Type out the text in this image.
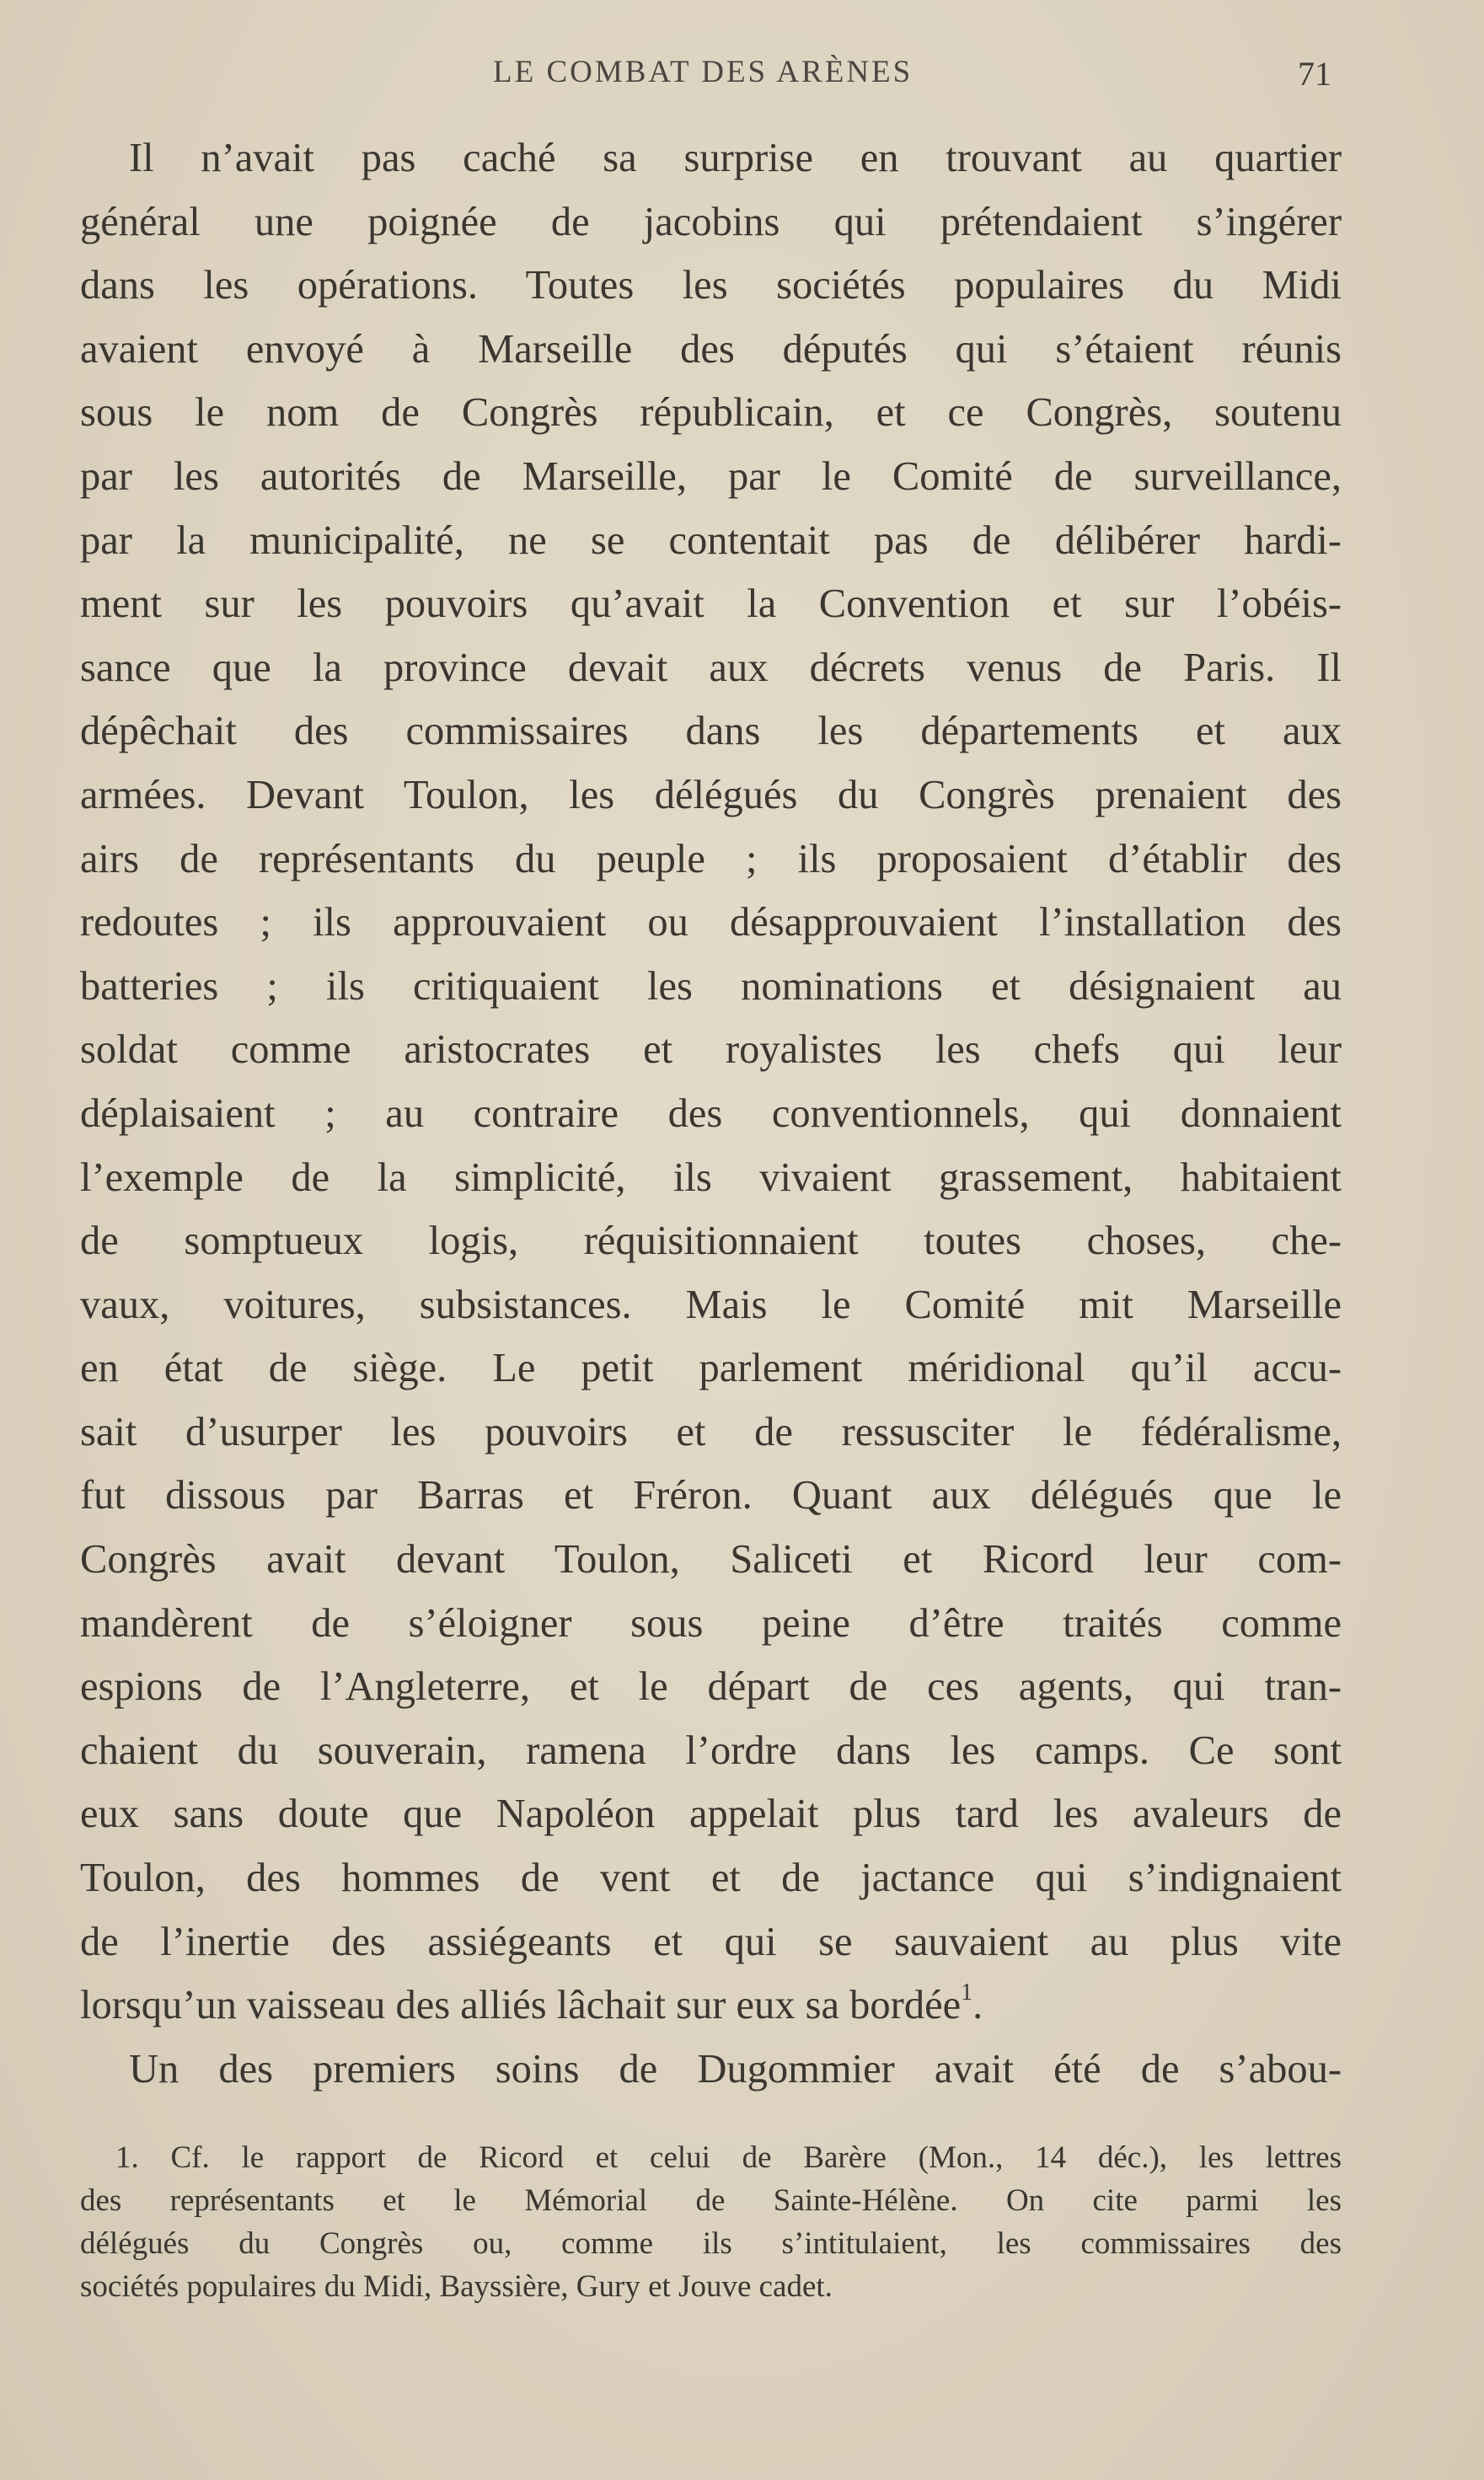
LE COMBAT DES ARÈNES	71
Il n’avait pas caché sa surprise en trouvant au quartier
général une poignée de jacobins qui prétendaient s’ingérer
dans les opérations. Toutes les sociétés populaires du Midi
avaient envoyé à Marseille des députés qui s’étaient réunis
sous le nom de Congrès républicain, et ce Congrès, soutenu
par les autorités de Marseille, par le Comité de surveillance,
par la municipalité, ne se contentait pas de délibérer hardi-
ment sur les pouvoirs qu’avait la Convention et sur l’obéis-
sance que la province devait aux décrets venus de Paris. Il
dépêchait des commissaires dans les départements et aux
armées. Devant Toulon, les délégués du Congrès prenaient des
airs de représentants du peuple ; ils proposaient d’établir des
redoutes ; ils approuvaient ou désapprouvaient l’installation des
batteries ; ils critiquaient les nominations et désignaient au
soldat comme aristocrates et royalistes les chefs qui leur
déplaisaient ; au contraire des conventionnels, qui donnaient
l’exemple de la simplicité, ils vivaient grassement, habitaient
de somptueux logis, réquisitionnaient toutes choses, che-
vaux, voitures, subsistances. Mais le Comité mit Marseille
en état de siège. Le petit parlement méridional qu’il accu-
sait d’usurper les pouvoirs et de ressusciter le fédéralisme,
fut dissous par Barras et Fréron. Quant aux délégués que le
Congrès avait devant Toulon, Saliceti et Ricord leur com-
mandèrent de s’éloigner sous peine d’être traités comme
espions de l’Angleterre, et le départ de ces agents, qui tran-
chaient du souverain, ramena l’ordre dans les camps. Ce sont
eux sans doute que Napoléon appelait plus tard les avaleurs de
Toulon, des hommes de vent et de jactance qui s’indignaient
de l’inertie des assiégeants et qui se sauvaient au plus vite
lorsqu’un vaisseau des alliés lâchait sur eux sa bordée$^1$.
Un des premiers soins de Dugommier avait été de s’abou-
1. Cf. le rapport de Ricord et celui de Barère (Mon., 14 déc.), les lettres
des représentants et le Mémorial de Sainte-Hélène. On cite parmi les
délégués du Congrès ou, comme ils s’intitulaient, les commissaires des
sociétés populaires du Midi, Bayssière, Gury et Jouve cadet.
